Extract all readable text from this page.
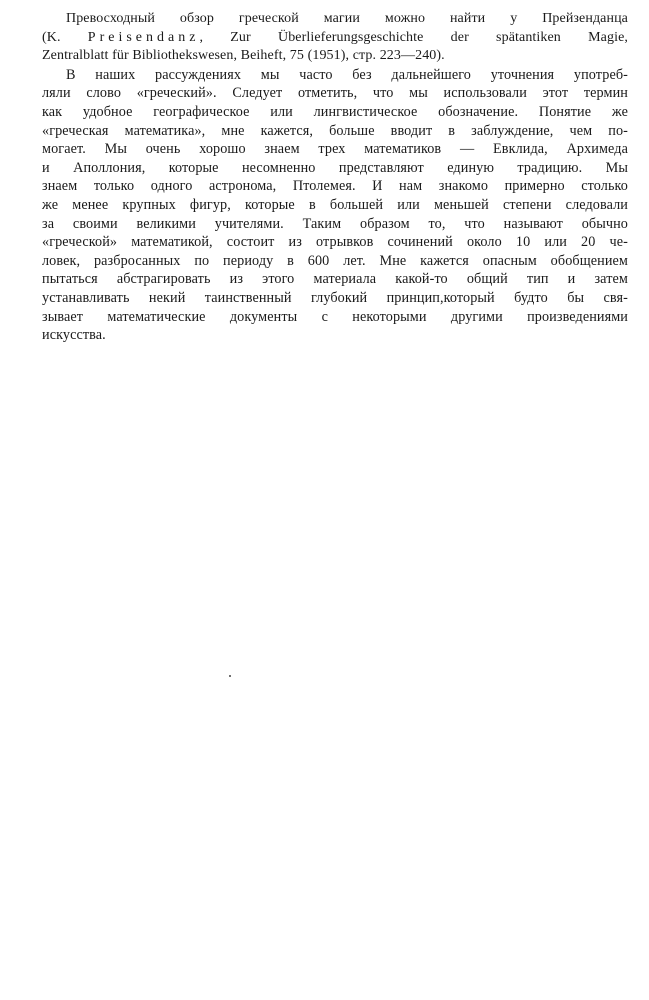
Превосходный обзор греческой магии можно найти у Прейзенданца
(K. Preisendanz, Zur Überlieferungsgeschichte der spätantiken Magie,
Zentralblatt für Bibliothekswesen, Beiheft, 75 (1951), стр. 223—240).
В наших рассуждениях мы часто без дальнейшего уточнения употреб-
ляли слово «греческий». Следует отметить, что мы использовали этот термин
как удобное географическое или лингвистическое обозначение. Понятие же
«греческая математика», мне кажется, больше вводит в заблуждение, чем по-
могает. Мы очень хорошо знаем трех математиков — Евклида, Архимеда
и Аполлония, которые несомненно представляют единую традицию. Мы
знаем только одного астронома, Птолемея. И нам знакомо примерно столько
же менее крупных фигур, которые в большей или меньшей степени следовали
за своими великими учителями. Таким образом то, что называют обычно
«греческой» математикой, состоит из отрывков сочинений около 10 или 20 че-
ловек, разбросанных по периоду в 600 лет. Мне кажется опасным обобщением
пытаться абстрагировать из этого материала какой-то общий тип и затем
устанавливать некий таинственный глубокий принцип,который будто бы свя-
зывает математические документы с некоторыми другими произведениями
искусства.
